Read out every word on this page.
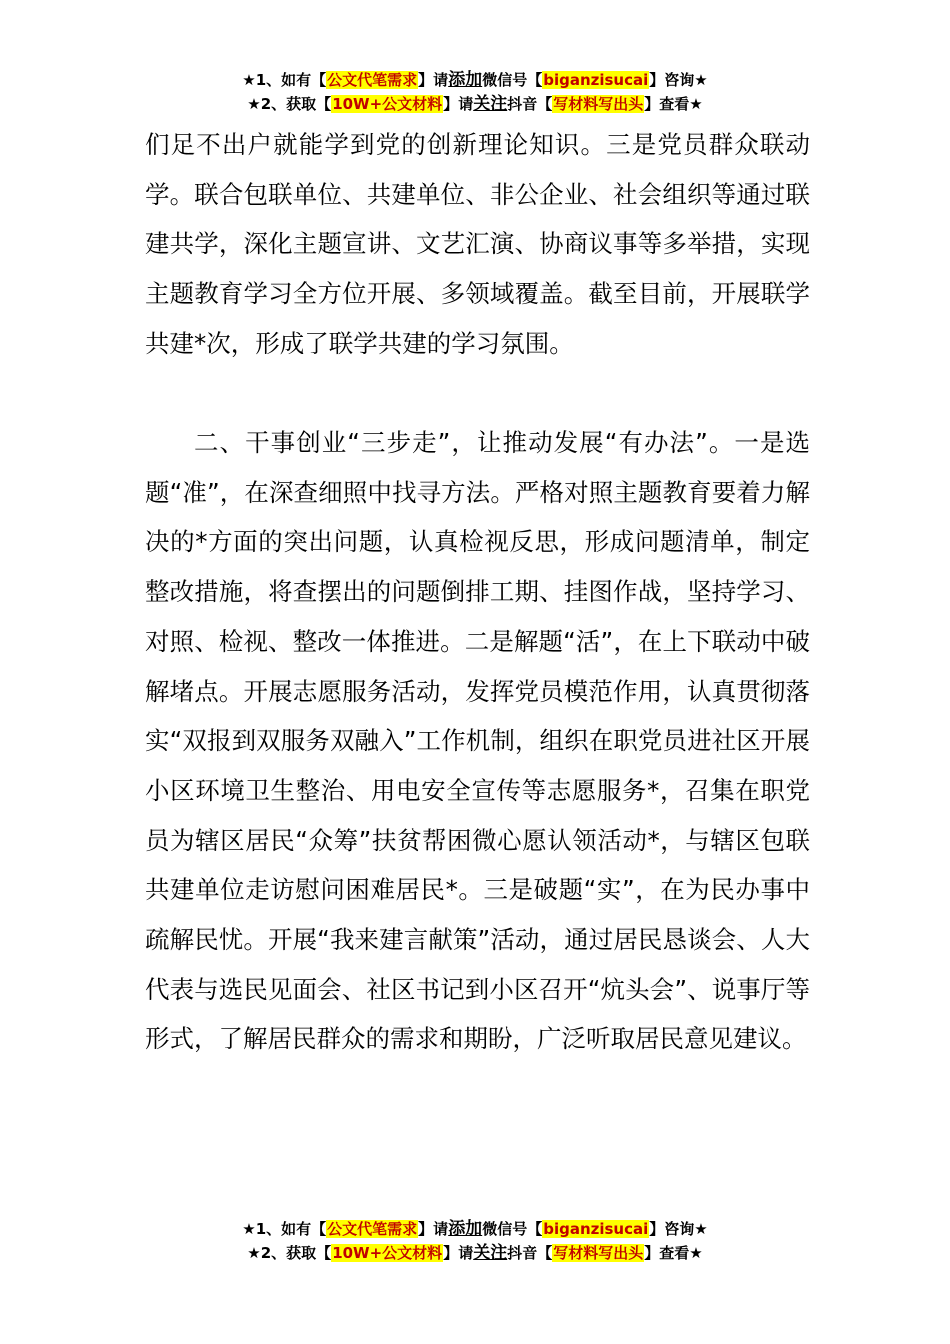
★1、如有【公文代笔需求】请添加微信号【biganzisucai】咨询★
★2、获取【10W+公文材料】请关注抖音【写材料写出头】查看★

们足不出户就能学到党的创新理论知识。三是党员群众联动学。联合包联单位、共建单位、非公企业、社会组织等通过联建共学，深化主题宣讲、文艺汇演、协商议事等多举措，实现主题教育学习全方位开展、多领域覆盖。截至目前，开展联学共建*次，形成了联学共建的学习氛围。

二、干事创业“三步走”，让推动发展“有办法”。一是选题“准”，在深查细照中找寻方法。严格对照主题教育要着力解决的*方面的突出问题，认真检视反思，形成问题清单，制定整改措施，将查摆出的问题倒排工期、挂图作战，坚持学习、对照、检视、整改一体推进。二是解题“活”，在上下联动中破解堵点。开展志愿服务活动，发挥党员模范作用，认真贯彻落实“双报到双服务双融入”工作机制，组织在职党员进社区开展小区环境卫生整治、用电安全宣传等志愿服务*，召集在职党员为辖区居民“众筹”扶贫帮困微心愿认领活动*，与辖区包联共建单位走访慰问困难居民*。三是破题“实”，在为民办事中疏解民忧。开展“我来建言献策”活动，通过居民恳谈会、人大代表与选民见面会、社区书记到小区召开“炕头会”、说事厅等形式，了解居民群众的需求和期盼，广泛听取居民意见建议。

★1、如有【公文代笔需求】请添加微信号【biganzisucai】咨询★
★2、获取【10W+公文材料】请关注抖音【写材料写出头】查看★
